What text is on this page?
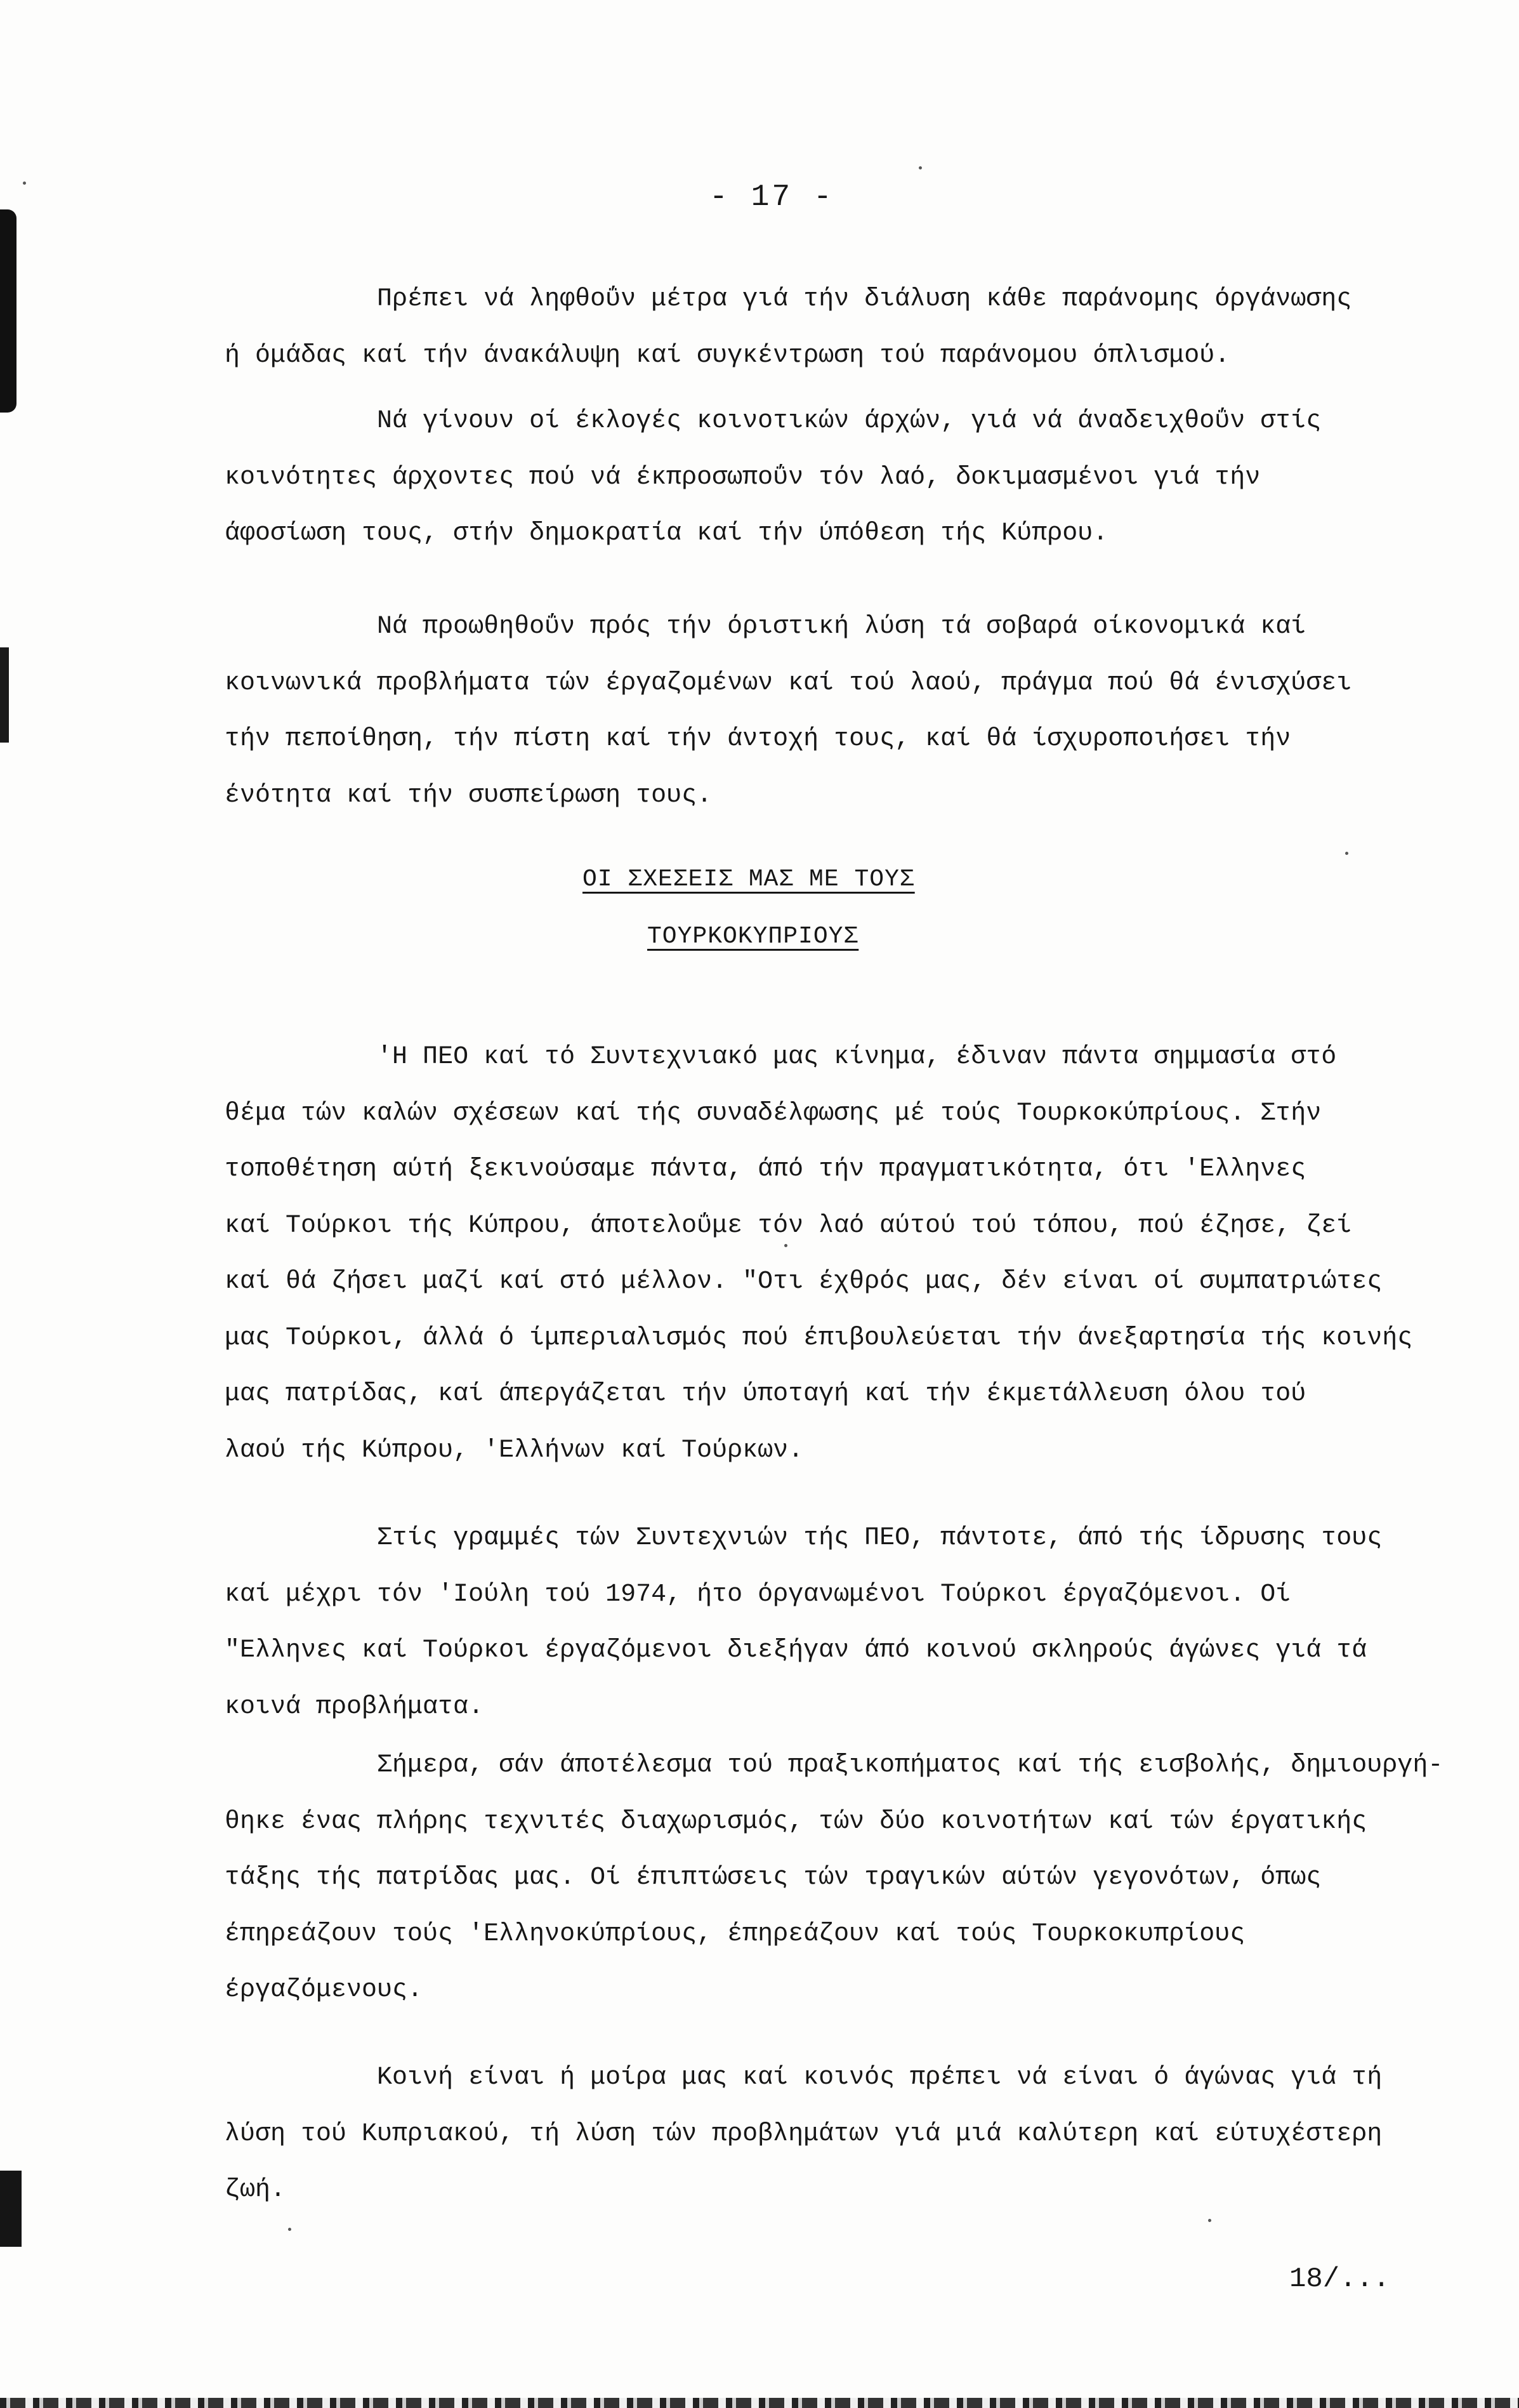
- 17 -

Πρέπει νά ληφθοΰν μέτρα γιά τήν διάλυση κάθε παράνομης όργάνωσης
ή όμάδας καί τήν άνακάλυψη καί συγκέντρωση τού παράνομου όπλισμού.

Νά γίνουν οί έκλογές κοινοτικών άρχών, γιά νά άναδειχθοΰν στίς
κοινότητες άρχοντες πού νά έκπροσωποΰν τόν λαό, δοκιμασμένοι γιά τήν
άφοσίωση τους, στήν δημοκρατία καί τήν ύπόθεση τής Κύπρου.

Νά προωθηθοΰν πρός τήν όριστική λύση τά σοβαρά οίκονομικά καί
κοινωνικά προβλήματα τών έργαζομένων καί τού λαού, πράγμα πού θά ένισχύσει
τήν πεποίθηση, τήν πίστη καί τήν άντοχή τους, καί θά ίσχυροποιήσει τήν
ένότητα καί τήν συσπείρωση τους.

ΟΙ ΣΧΕΣΕΙΣ ΜΑΣ ΜΕ ΤΟΥΣ
ΤΟΥΡΚΟΚΥΠΡΙΟΥΣ

'Η ΠΕΟ καί τό Συντεχνιακό μας κίνημα, έδιναν πάντα σημμασία στό
θέμα τών καλών σχέσεων καί τής συναδέλφωσης μέ τούς Τουρκοκύπρίους. Στήν
τοποθέτηση αύτή ξεκινούσαμε πάντα, άπό τήν πραγματικότητα, ότι 'Ελληνες
καί Τούρκοι τής Κύπρου, άποτελοΰμε τόν λαό αύτού τού τόπου, πού έζησε, ζεί
καί θά ζήσει μαζί καί στό μέλλον. "Οτι έχθρός μας, δέν είναι οί συμπατριώτες
μας Τούρκοι, άλλά ό ίμπεριαλισμός πού έπιβουλεύεται τήν άνεξαρτησία τής κοινής
μας πατρίδας, καί άπεργάζεται τήν ύποταγή καί τήν έκμετάλλευση όλου τού
λαού τής Κύπρου, 'Ελλήνων καί Τούρκων.

Στίς γραμμές τών Συντεχνιών τής ΠΕΟ, πάντοτε, άπό τής ίδρυσης τους
καί μέχρι τόν 'Ιούλη τού 1974, ήτο όργανωμένοι Τούρκοι έργαζόμενοι. Οί
"Ελληνες καί Τούρκοι έργαζόμενοι διεξήγαν άπό κοινού σκληρούς άγώνες γιά τά
κοινά προβλήματα.

Σήμερα, σάν άποτέλεσμα τού πραξικοπήματος καί τής εισβολής, δημιουργή-
θηκε ένας πλήρης τεχνιτές διαχωρισμός, τών δύο κοινοτήτων καί τών έργατικής
τάξης τής πατρίδας μας. Οί έπιπτώσεις τών τραγικών αύτών γεγονότων, όπως
έπηρεάζουν τούς 'Ελληνοκύπρίους, έπηρεάζουν καί τούς Τουρκοκυπρίους
έργαζόμενους.

Κοινή είναι ή μοίρα μας καί κοινός πρέπει νά είναι ό άγώνας γιά τή
λύση τού Κυπριακού, τή λύση τών προβλημάτων γιά μιά καλύτερη καί εύτυχέστερη
ζωή.

18/...
